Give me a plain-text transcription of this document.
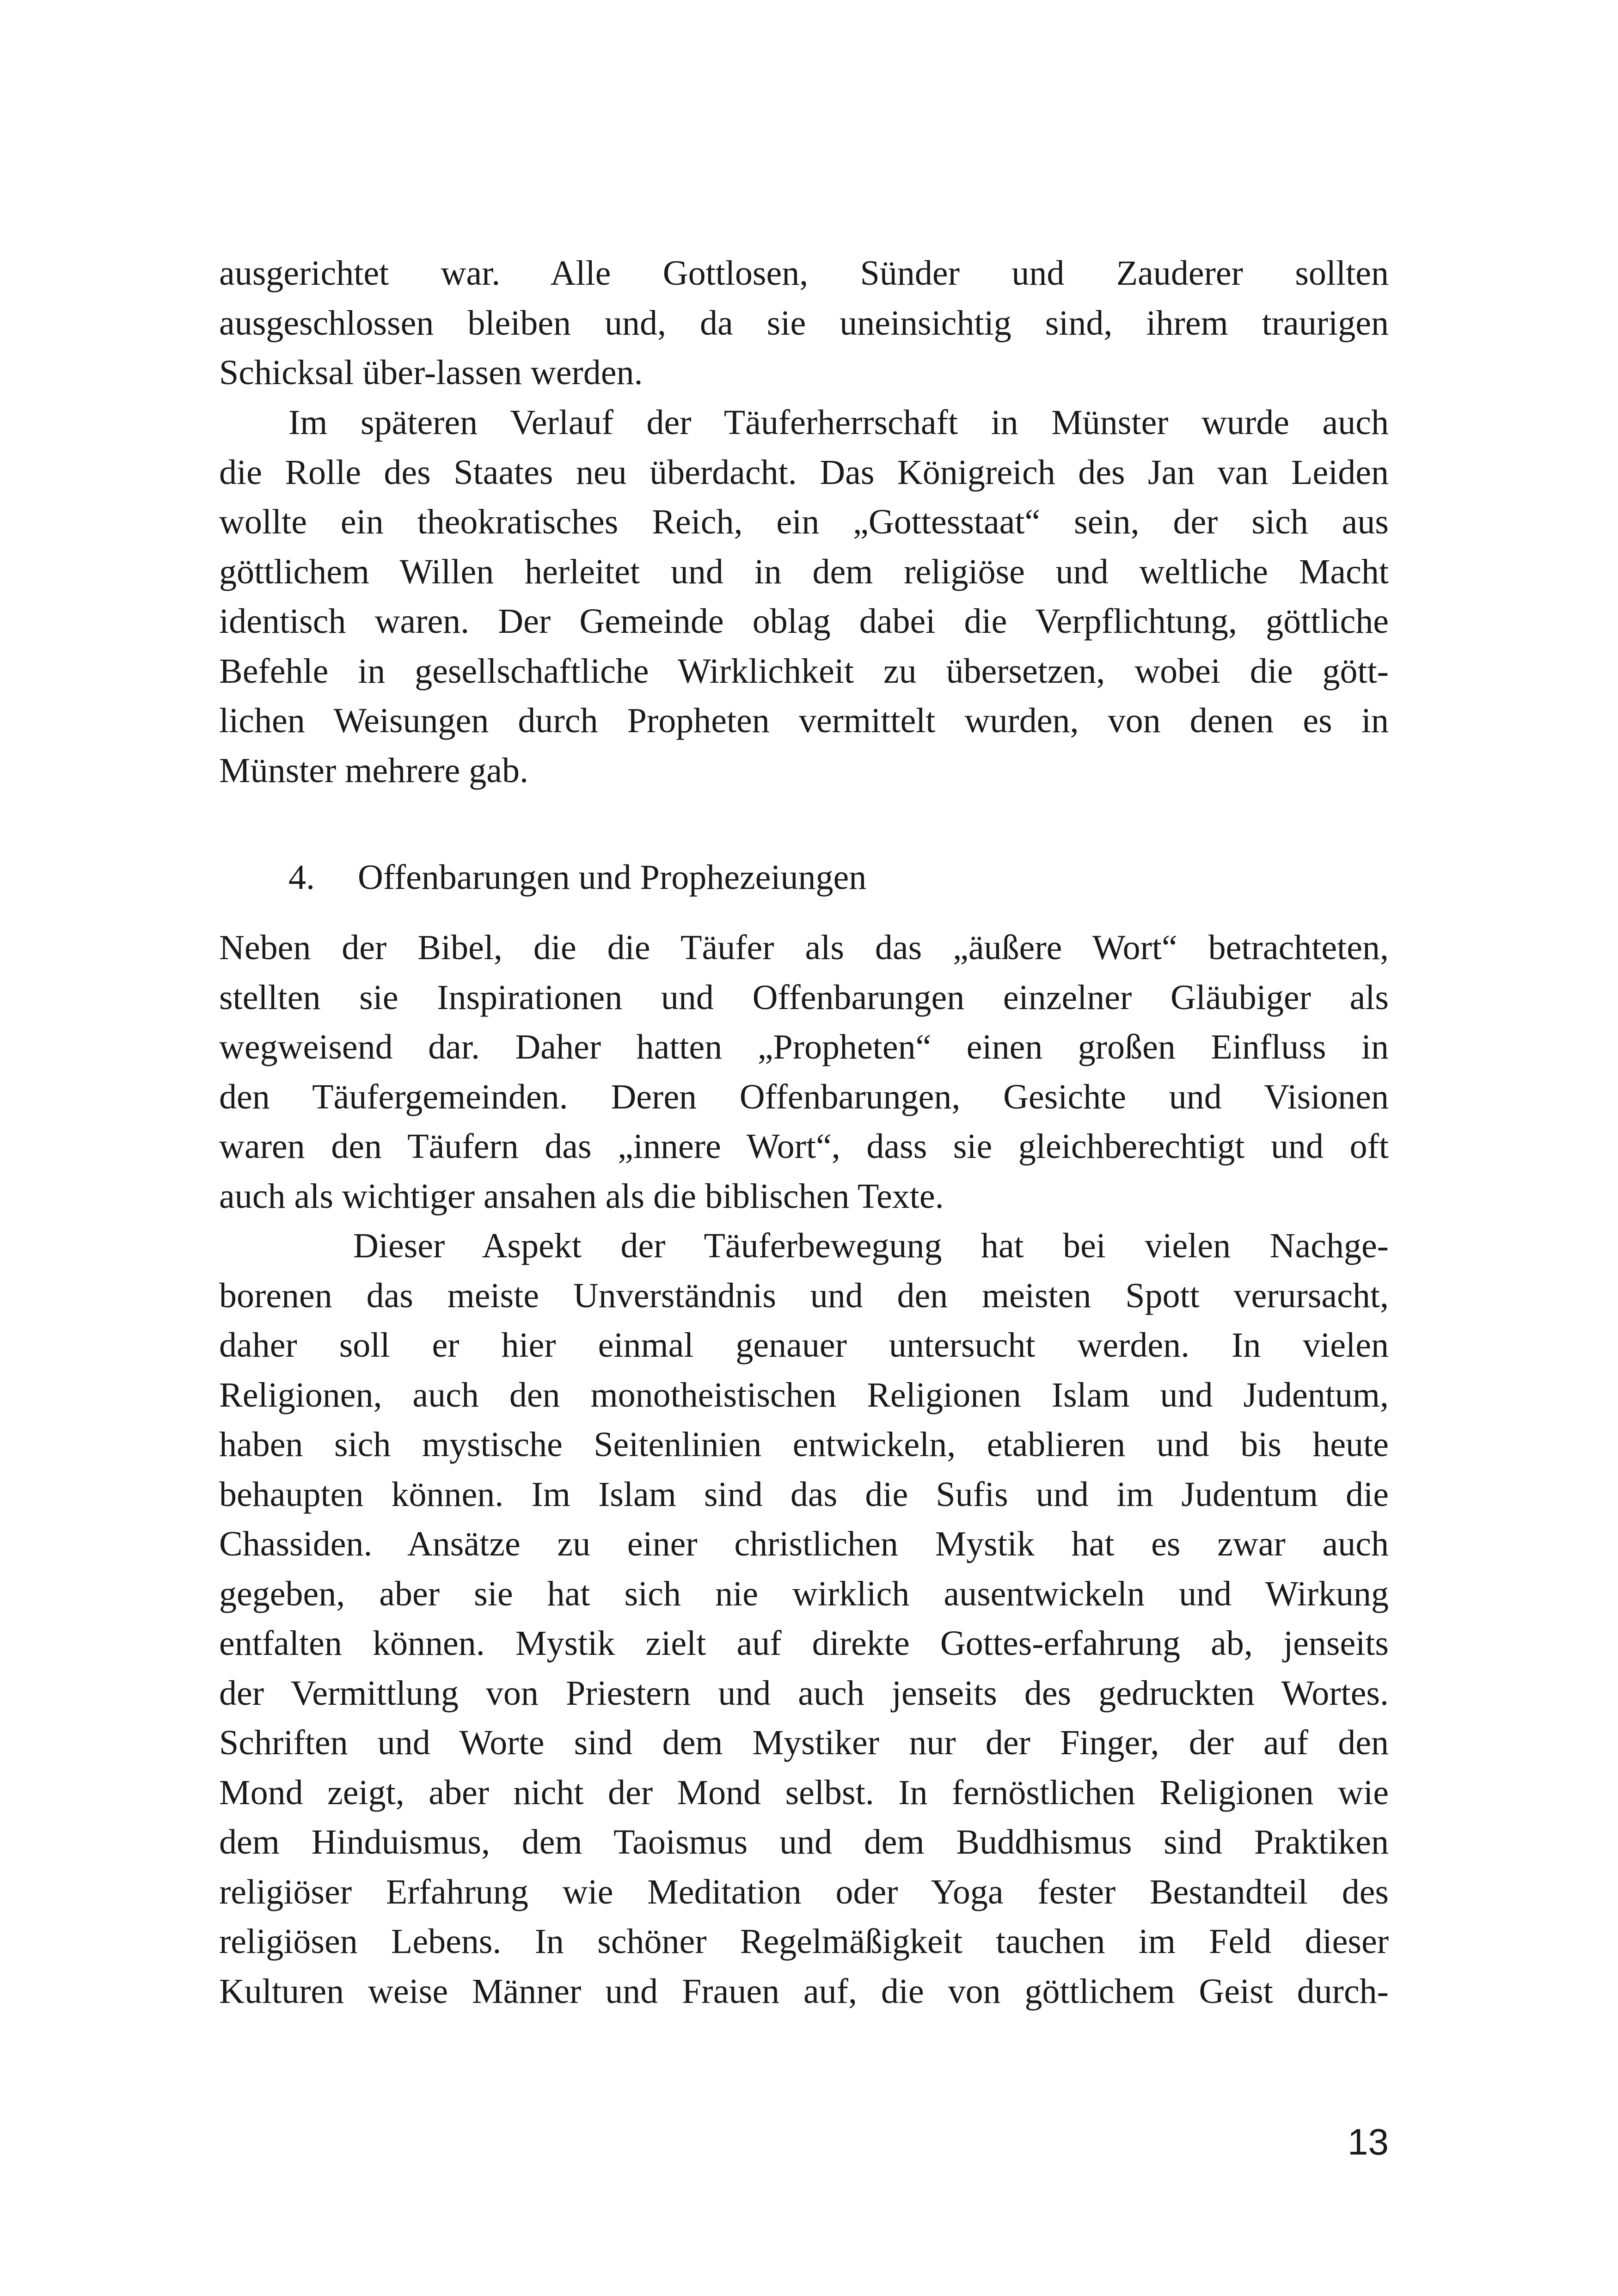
ausgerichtet war. Alle Gottlosen, Sünder und Zauderer sollten
ausgeschlossen bleiben und, da sie uneinsichtig sind, ihrem traurigen
Schicksal über-lassen werden.
Im späteren Verlauf der Täuferherrschaft in Münster wurde auch
die Rolle des Staates neu überdacht. Das Königreich des Jan van Leiden
wollte ein theokratisches Reich, ein „Gottesstaat“ sein, der sich aus
göttlichem Willen herleitet und in dem religiöse und weltliche Macht
identisch waren. Der Gemeinde oblag dabei die Verpflichtung, göttliche
Befehle in gesellschaftliche Wirklichkeit zu übersetzen, wobei die gött-
lichen Weisungen durch Propheten vermittelt wurden, von denen es in
Münster mehrere gab.
4. Offenbarungen und Prophezeiungen
Neben der Bibel, die die Täufer als das „äußere Wort“ betrachteten,
stellten sie Inspirationen und Offenbarungen einzelner Gläubiger als
wegweisend dar. Daher hatten „Propheten“ einen großen Einfluss in
den Täufergemeinden. Deren Offenbarungen, Gesichte und Visionen
waren den Täufern das „innere Wort“, dass sie gleichberechtigt und oft
auch als wichtiger ansahen als die biblischen Texte.
Dieser Aspekt der Täuferbewegung hat bei vielen Nachge-
borenen das meiste Unverständnis und den meisten Spott verursacht,
daher soll er hier einmal genauer untersucht werden. In vielen
Religionen, auch den monotheistischen Religionen Islam und Judentum,
haben sich mystische Seitenlinien entwickeln, etablieren und bis heute
behaupten können. Im Islam sind das die Sufis und im Judentum die
Chassiden. Ansätze zu einer christlichen Mystik hat es zwar auch
gegeben, aber sie hat sich nie wirklich ausentwickeln und Wirkung
entfalten können. Mystik zielt auf direkte Gottes-erfahrung ab, jenseits
der Vermittlung von Priestern und auch jenseits des gedruckten Wortes.
Schriften und Worte sind dem Mystiker nur der Finger, der auf den
Mond zeigt, aber nicht der Mond selbst. In fernöstlichen Religionen wie
dem Hinduismus, dem Taoismus und dem Buddhismus sind Praktiken
religiöser Erfahrung wie Meditation oder Yoga fester Bestandteil des
religiösen Lebens. In schöner Regelmäßigkeit tauchen im Feld dieser
Kulturen weise Männer und Frauen auf, die von göttlichem Geist durch-
13
